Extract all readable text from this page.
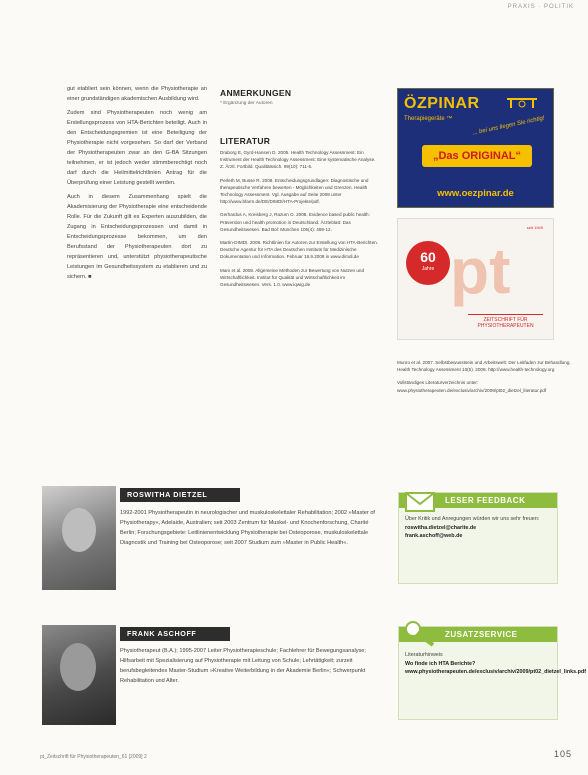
PRAXIS · POLITIK

gut etabliert sein können, wenn die Physiotherapie an einer grundständigen akademischen Ausbildung wird.

Zudem sind Physiotherapeuten noch wenig am Erstellungsprozess von HTA-Berichten beteiligt. Auch in den Entscheidungsgremien ist eine Beteiligung der Physiotherapie nicht vorgesehen. So darf der Verband der Physiotherapeuten zwar an den G-BA Sitzungen teilnehmen, er ist jedoch weder stimmberechtigt noch darf durch die Heilmittelrichtlinien Antrag für die Überprüfung einer Leistung gestellt werden.

Auch in diesem Zusammenhang spielt die Akademisierung der Physiotherapie eine entscheidende Rolle. Für die Zukunft gilt es Experten auszubilden, die Zugang in Entscheidungsprozessen und damit in Entscheidungsprozesse bekommen, um den Berufsstand der Physiotherapeuten dort zu repräsentieren und, unterstützt physiotherapeutische Leistungen im Gesundheitssystem zu etablieren und zu sichern. ■

ANMERKUNGEN
* Ergänzung der Autoren
LITERATUR

Draborg E, Gyrd-Hansen D. 2005. Health Technology Assessment: Ein Instrument der Health Technology Assessment: Eine systematische Analyse. Z. Ärztl. Fortbild. Qualitätssich. 99(10): 711-5.

Perleth M, Busse R. 2008. Entscheidungsgrundlagen: Diagnostische und therapeutische Verfahren bewerten - Möglichkeiten und Grenzen. Health Technology Assessment. Vgl. Ausgabe auf Seite 2008 unter http://www.bfarm.de/DE/DIMDI/HTA-Projekte/pdf.

Gerhardus A, Kreisberg J, Razum O. 2008. Evidence based public health: Prävention und health promotion in Deutschland. Ärzteblatt: Das Gesundheitswesen. Bad Bol: München 105(4): 489-12.

Martin-DIMDI. 2008. Richtlinien für Autoren zur Erstellung von HTA-Berichten. Deutsche Agentur für HTA des Deutschen Instituts für Medizinische Dokumentation und Information. Februar 16.9.2008 in www.dimdi.de

Marx et al. 2008. Allgemeine Methoden zur Bewertung von Nutzen und Wirtschaftlichkeit. Institut für Qualität und Wirtschaftlichkeit im Gesundheitswesen. Vers. 1.0. www.iqwig.de

Munro et al. 2007. Selbstbewusstsein und Arbeitswelt: Der Leitfaden zur Behandlung. Health Technology Assessment 10(5). 2008. http://www.health-technology.org

Vollständiges Literaturverzeichnis unter: www.physiotherapeuten.de/exclusiv/archiv/2009/pt02_dietzel_literatur.pdf

ÖZPINAR
Therapiegeräte ™	... bei uns liegen Sie richtig!
„Das ORIGINAL“
www.oezpinar.de
seit 1949
pt
60
Jahre
ZEITSCHRIFT FÜR PHYSIOTHERAPEUTEN
ROSWITHA DIETZEL
1992-2001 Physiotherapeutin in neurologischer und muskuloskelettaler Rehabilitation; 2002 »Master of Physiotherapy«, Adelaide, Australien; seit 2003 Zentrum für Muskel- und Knochenforschung, Charité Berlin; Forschungsgebiete: Leitlinienentwicklung Physiotherapie bei Osteoporose, muskuloskelettale Diagnostik und Training bei Osteoporose; seit 2007 Studium zum »Master in Public Health«.
FRANK ASCHOFF
Physiotherapeut (B.A.); 1995-2007 Leiter Physiotherapieschule; Fachlehrer für Bewegungsanalyse; Hilfsarbeit mit Spezialisierung auf Physiotherapie mit Leitung von Schule; Lehrtätigkeit; zurzeit berufsbegleitendes Master-Studium »Kreative Weiterbildung in der Akademie Berlin«; Schwerpunkt Rehabilitation und Alter.
LESER FEEDBACK
Über Kritik und Anregungen würden wir uns sehr freuen:
roswitha.dietzel@charite.de
frank.aschoff@web.de
ZUSATZSERVICE
Literaturhinweis
Wo finde ich HTA Berichte?
www.physiotherapeuten.de/exclusiv/archiv/2009/pt02_dietzel_links.pdf
pt_Zeitschrift für Physiotherapeuten_61 [2009] 2	105
